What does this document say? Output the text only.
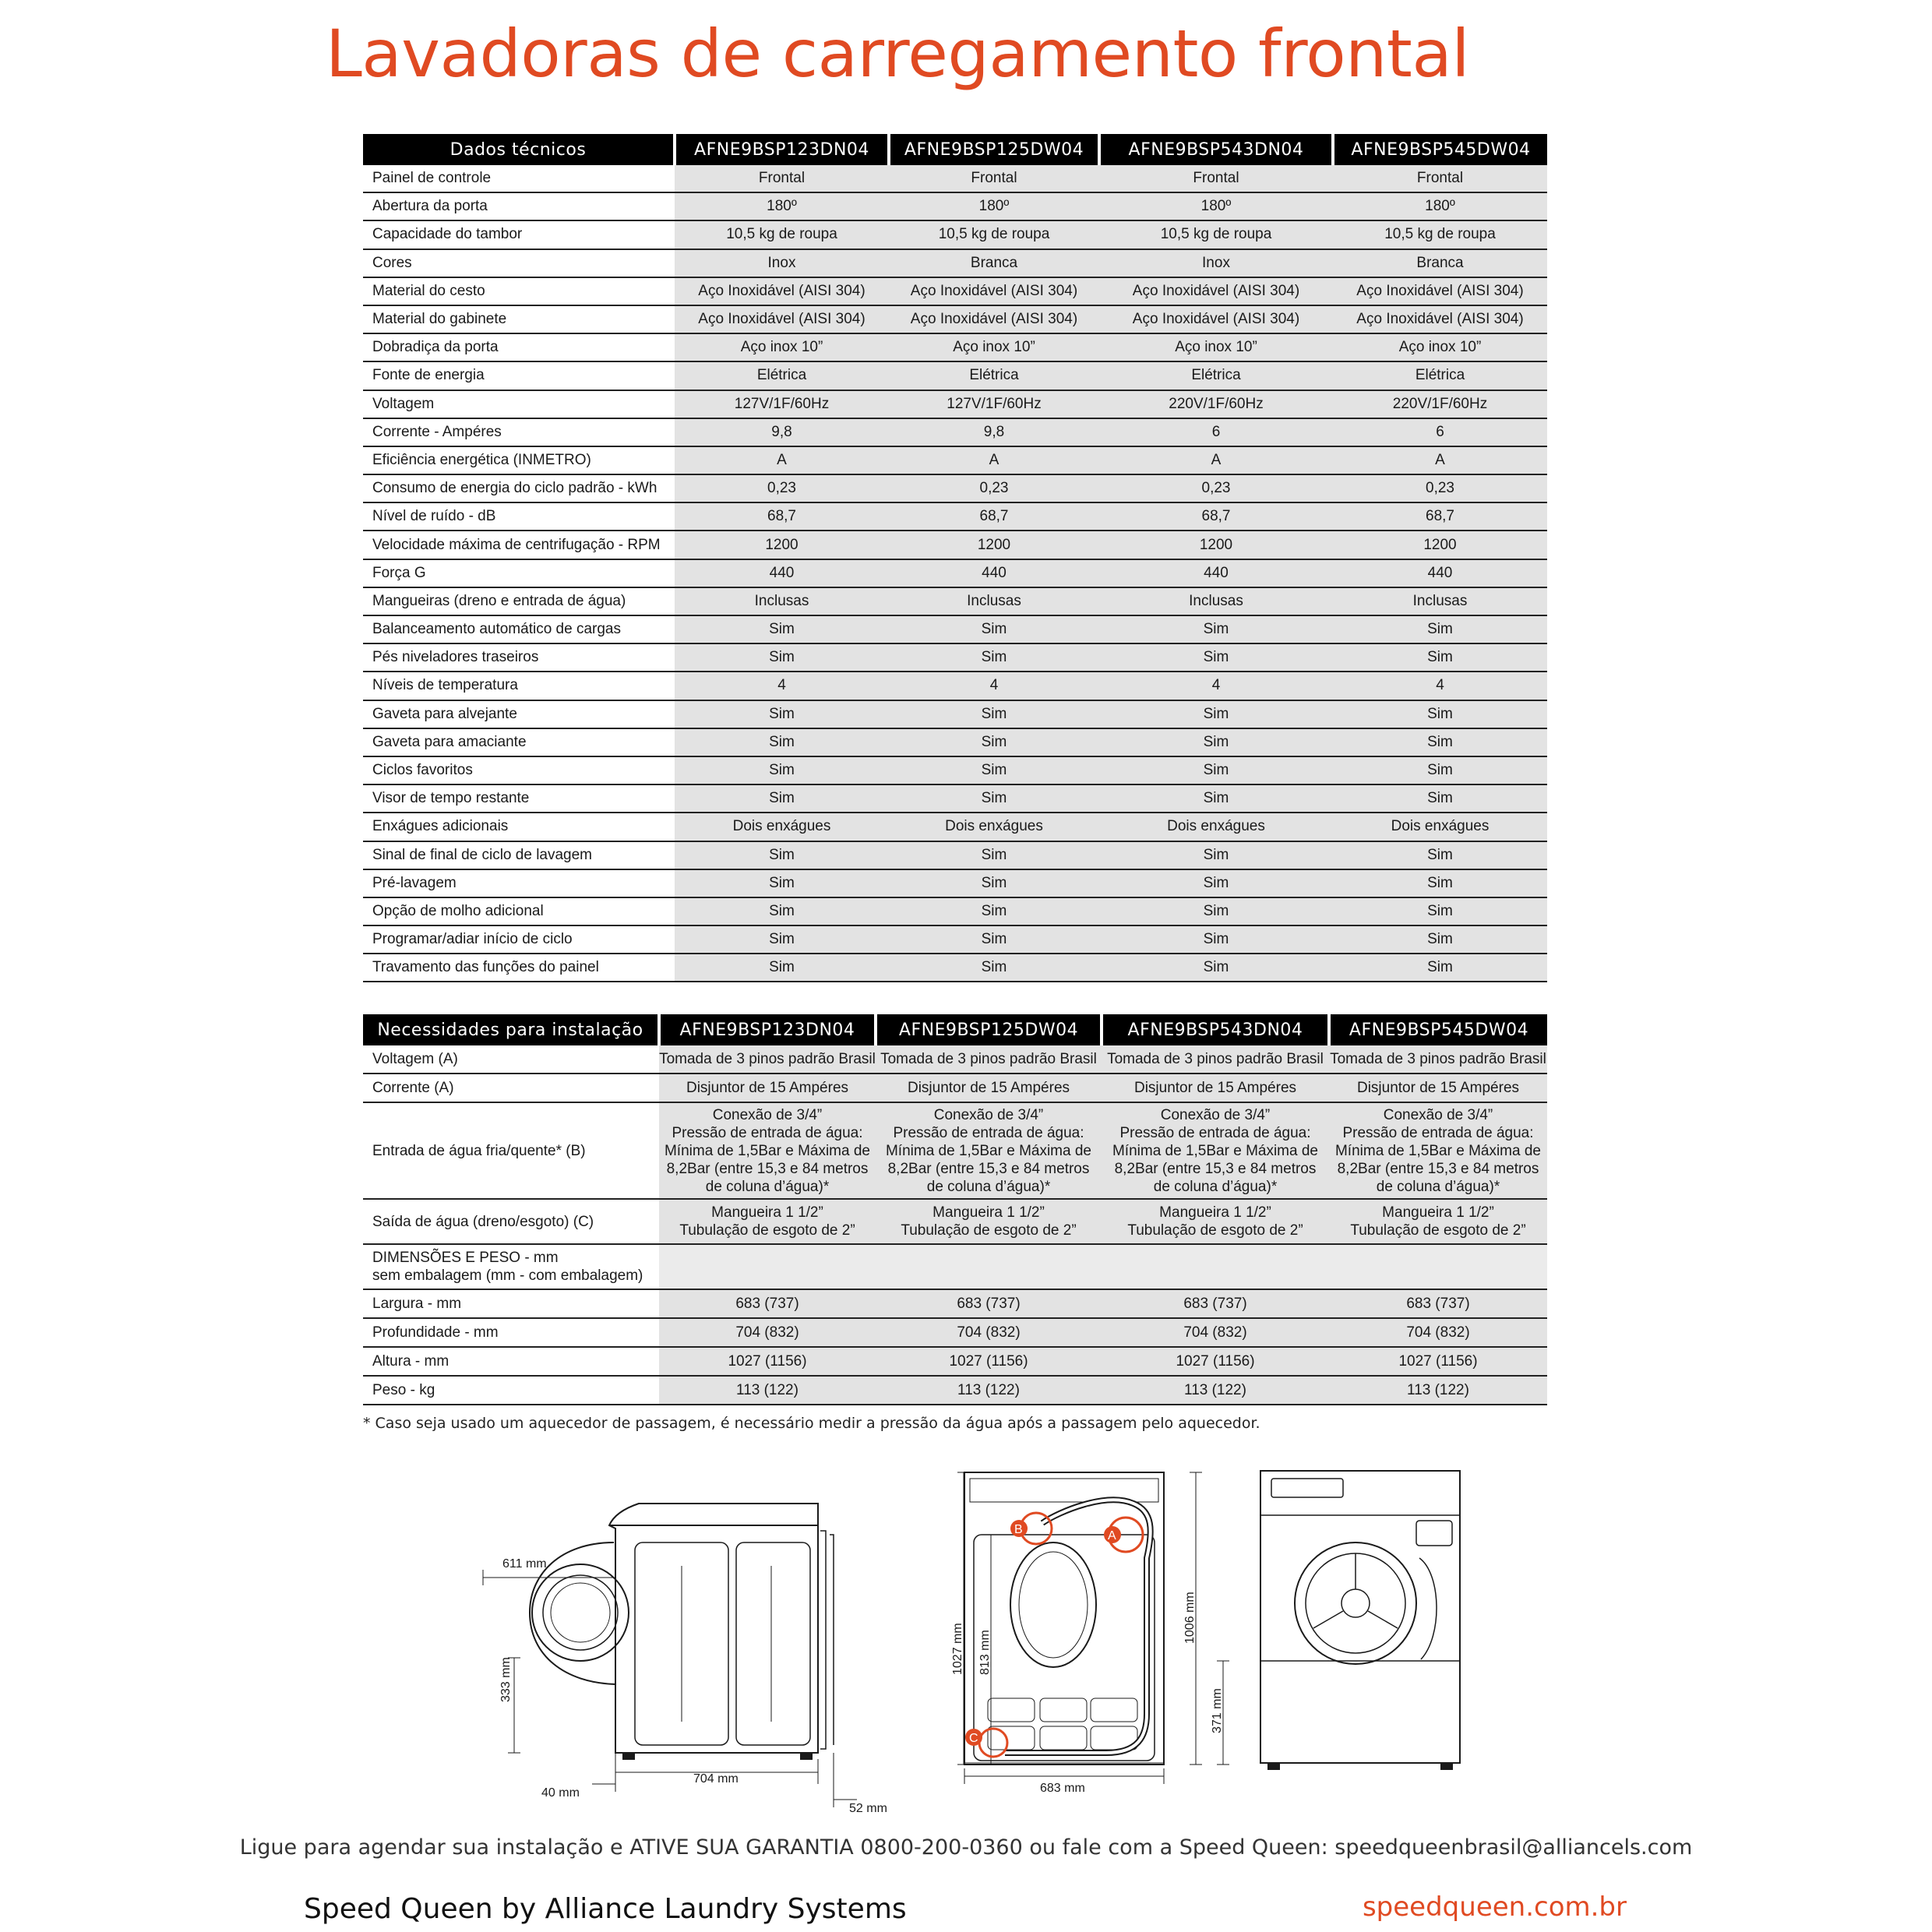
Lavadoras de carregamento frontal
Dados técnicos	AFNE9BSP123DN04	AFNE9BSP125DW04	AFNE9BSP543DN04	AFNE9BSP545DW04
Painel de controle	Frontal	Frontal	Frontal	Frontal
Abertura da porta	180º	180º	180º	180º
Capacidade do tambor	10,5 kg de roupa	10,5 kg de roupa	10,5 kg de roupa	10,5 kg de roupa
Cores	Inox	Branca	Inox	Branca
Material do cesto	Aço Inoxidável (AISI 304)	Aço Inoxidável (AISI 304)	Aço Inoxidável (AISI 304)	Aço Inoxidável (AISI 304)
Material do gabinete	Aço Inoxidável (AISI 304)	Aço Inoxidável (AISI 304)	Aço Inoxidável (AISI 304)	Aço Inoxidável (AISI 304)
Dobradiça da porta	Aço inox 10”	Aço inox 10”	Aço inox 10”	Aço inox 10”
Fonte de energia	Elétrica	Elétrica	Elétrica	Elétrica
Voltagem	127V/1F/60Hz	127V/1F/60Hz	220V/1F/60Hz	220V/1F/60Hz
Corrente - Ampéres	9,8	9,8	6	6
Eficiência energética (INMETRO)	A	A	A	A
Consumo de energia do ciclo padrão - kWh	0,23	0,23	0,23	0,23
Nível de ruído - dB	68,7	68,7	68,7	68,7
Velocidade máxima de centrifugação - RPM	1200	1200	1200	1200
Força G	440	440	440	440
Mangueiras (dreno e entrada de água)	Inclusas	Inclusas	Inclusas	Inclusas
Balanceamento automático de cargas	Sim	Sim	Sim	Sim
Pés niveladores traseiros	Sim	Sim	Sim	Sim
Níveis de temperatura	4	4	4	4
Gaveta para alvejante	Sim	Sim	Sim	Sim
Gaveta para amaciante	Sim	Sim	Sim	Sim
Ciclos favoritos	Sim	Sim	Sim	Sim
Visor de tempo restante	Sim	Sim	Sim	Sim
Enxágues adicionais	Dois enxágues	Dois enxágues	Dois enxágues	Dois enxágues
Sinal de final de ciclo de lavagem	Sim	Sim	Sim	Sim
Pré-lavagem	Sim	Sim	Sim	Sim
Opção de molho adicional	Sim	Sim	Sim	Sim
Programar/adiar início de ciclo	Sim	Sim	Sim	Sim
Travamento das funções do painel	Sim	Sim	Sim	Sim
Necessidades para instalação	AFNE9BSP123DN04	AFNE9BSP125DW04	AFNE9BSP543DN04	AFNE9BSP545DW04
Voltagem (A)	Tomada de 3 pinos padrão Brasil	Tomada de 3 pinos padrão Brasil	Tomada de 3 pinos padrão Brasil	Tomada de 3 pinos padrão Brasil
Corrente (A)	Disjuntor de 15 Ampéres	Disjuntor de 15 Ampéres	Disjuntor de 15 Ampéres	Disjuntor de 15 Ampéres
Entrada de água fria/quente* (B)	Conexão de 3/4”
Pressão de entrada de água:
Mínima de 1,5Bar e Máxima de
8,2Bar (entre 15,3 e 84 metros
de coluna d’água)*	Conexão de 3/4”
Pressão de entrada de água:
Mínima de 1,5Bar e Máxima de
8,2Bar (entre 15,3 e 84 metros
de coluna d’água)*	Conexão de 3/4”
Pressão de entrada de água:
Mínima de 1,5Bar e Máxima de
8,2Bar (entre 15,3 e 84 metros
de coluna d’água)*	Conexão de 3/4”
Pressão de entrada de água:
Mínima de 1,5Bar e Máxima de
8,2Bar (entre 15,3 e 84 metros
de coluna d’água)*
Saída de água (dreno/esgoto) (C)	Mangueira 1 1/2”
Tubulação de esgoto de 2”	Mangueira 1 1/2”
Tubulação de esgoto de 2”	Mangueira 1 1/2”
Tubulação de esgoto de 2”	Mangueira 1 1/2”
Tubulação de esgoto de 2”
DIMENSÕES E PESO - mm
sem embalagem (mm - com embalagem)				
Largura - mm	683 (737)	683 (737)	683 (737)	683 (737)
Profundidade - mm	704 (832)	704 (832)	704 (832)	704 (832)
Altura - mm	1027 (1156)	1027 (1156)	1027 (1156)	1027 (1156)
Peso - kg	113 (122)	113 (122)	113 (122)	113 (122)
* Caso seja usado um aquecedor de passagem, é necessário medir a pressão da água após a passagem pelo aquecedor.
611 mm
333 mm
40 mm
704 mm
52 mm
1027 mm 813 mm
683 mm
B	A
C
1006 mm
371 mm
Ligue para agendar sua instalação e ATIVE SUA GARANTIA 0800-200-0360 ou fale com a Speed Queen: speedqueenbrasil@alliancels.com
Speed Queen by Alliance Laundry Systems	speedqueen.com.br
